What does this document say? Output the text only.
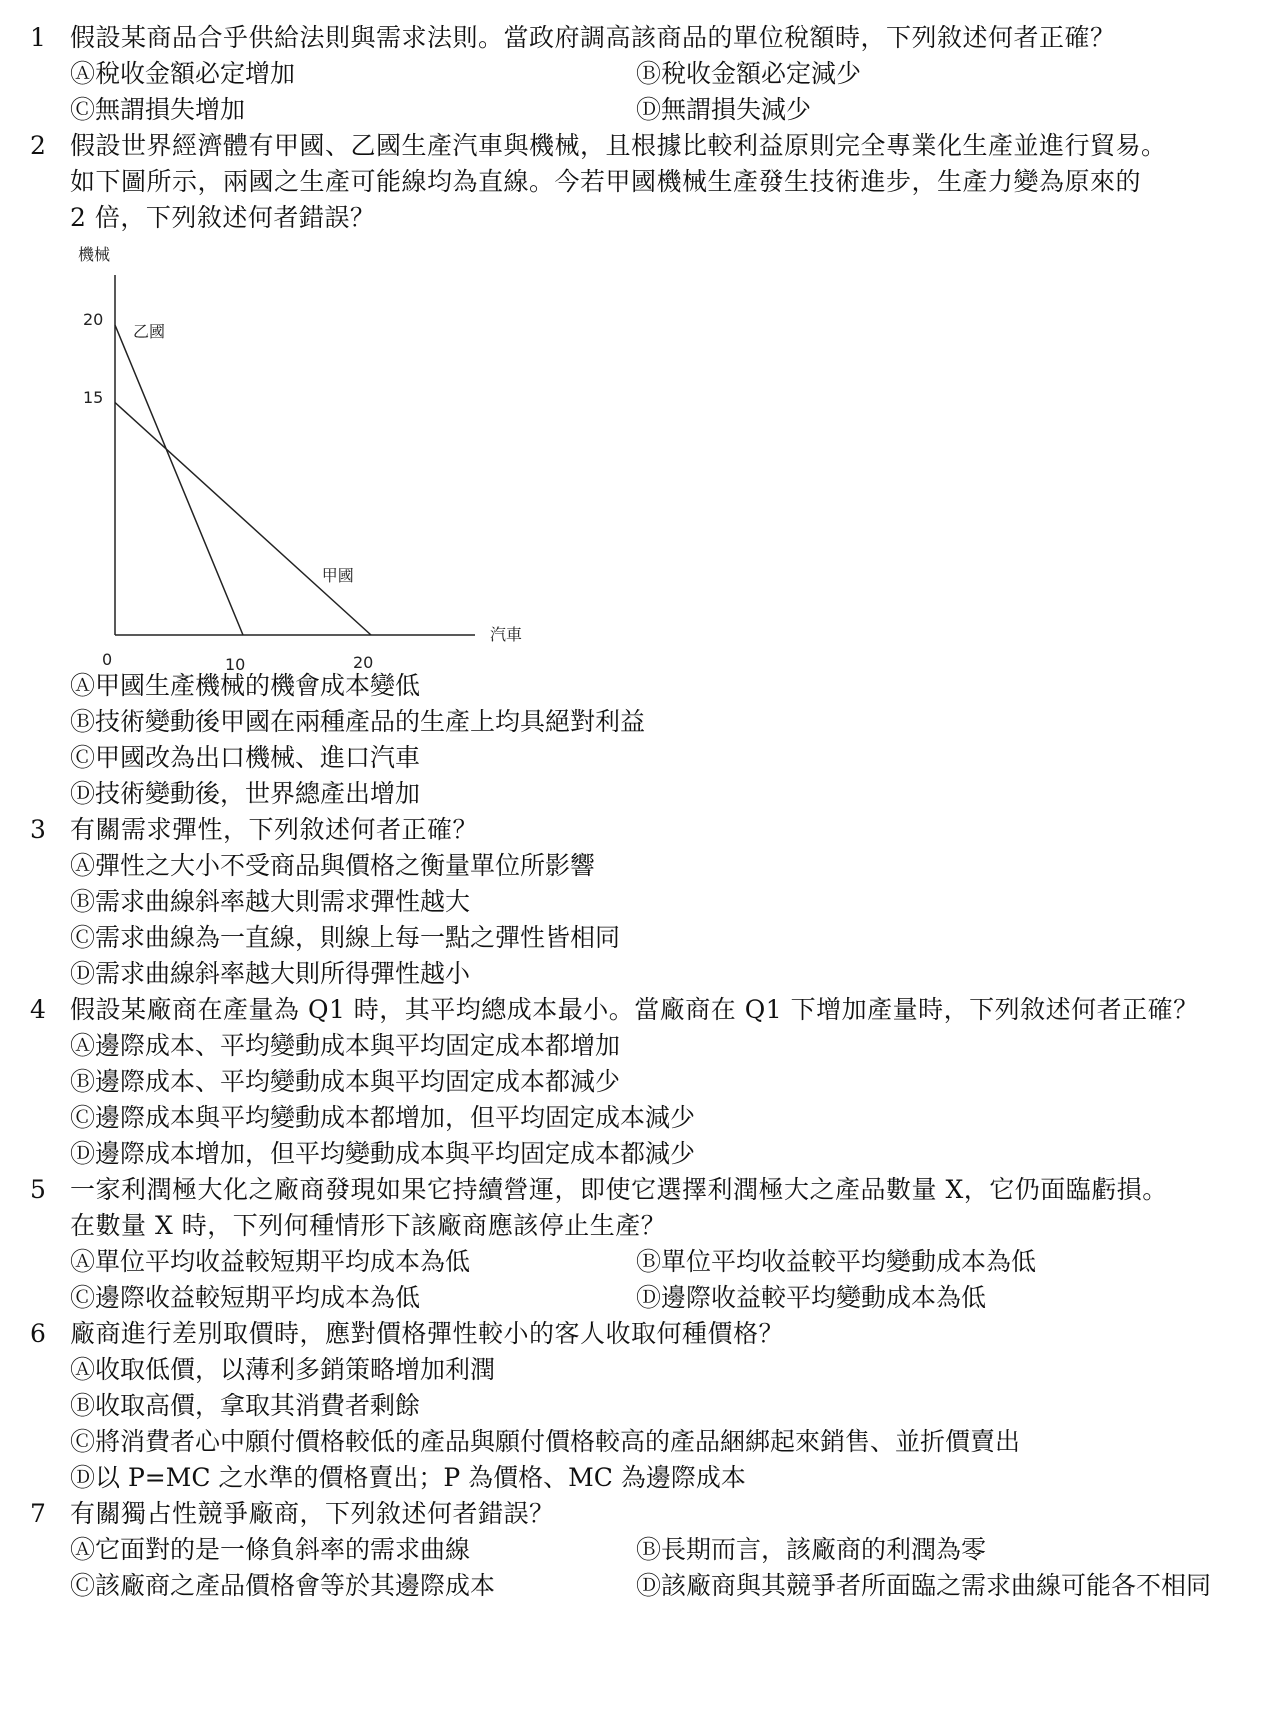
1 假設某商品合乎供給法則與需求法則。當政府調高該商品的單位稅額時，下列敘述何者正確？
Ⓐ稅收金額必定增加	Ⓑ稅收金額必定減少
Ⓒ無謂損失增加	Ⓓ無謂損失減少
2 假設世界經濟體有甲國、乙國生產汽車與機械，且根據比較利益原則完全專業化生產並進行貿易。
如下圖所示，兩國之生產可能線均為直線。今若甲國機械生產發生技術進步，生產力變為原來的
2 倍，下列敘述何者錯誤？
機械
汽車
0	10	20
15
20
乙國
甲國
Ⓐ甲國生產機械的機會成本變低
Ⓑ技術變動後甲國在兩種產品的生產上均具絕對利益
Ⓒ甲國改為出口機械、進口汽車
Ⓓ技術變動後，世界總產出增加
3 有關需求彈性，下列敘述何者正確？
Ⓐ彈性之大小不受商品與價格之衡量單位所影響
Ⓑ需求曲線斜率越大則需求彈性越大
Ⓒ需求曲線為一直線，則線上每一點之彈性皆相同
Ⓓ需求曲線斜率越大則所得彈性越小
4 假設某廠商在產量為 Q1 時，其平均總成本最小。當廠商在 Q1 下增加產量時，下列敘述何者正確？
Ⓐ邊際成本、平均變動成本與平均固定成本都增加
Ⓑ邊際成本、平均變動成本與平均固定成本都減少
Ⓒ邊際成本與平均變動成本都增加，但平均固定成本減少
Ⓓ邊際成本增加，但平均變動成本與平均固定成本都減少
5 一家利潤極大化之廠商發現如果它持續營運，即使它選擇利潤極大之產品數量 X，它仍面臨虧損。
在數量 X 時，下列何種情形下該廠商應該停止生產？
Ⓐ單位平均收益較短期平均成本為低	Ⓑ單位平均收益較平均變動成本為低
Ⓒ邊際收益較短期平均成本為低	Ⓓ邊際收益較平均變動成本為低
6 廠商進行差別取價時，應對價格彈性較小的客人收取何種價格？
Ⓐ收取低價，以薄利多銷策略增加利潤
Ⓑ收取高價，拿取其消費者剩餘
Ⓒ將消費者心中願付價格較低的產品與願付價格較高的產品綑綁起來銷售、並折價賣出
Ⓓ以 P=MC 之水準的價格賣出；P 為價格、MC 為邊際成本
7 有關獨占性競爭廠商，下列敘述何者錯誤？
Ⓐ它面對的是一條負斜率的需求曲線	Ⓑ長期而言，該廠商的利潤為零
Ⓒ該廠商之產品價格會等於其邊際成本	Ⓓ該廠商與其競爭者所面臨之需求曲線可能各不相同
